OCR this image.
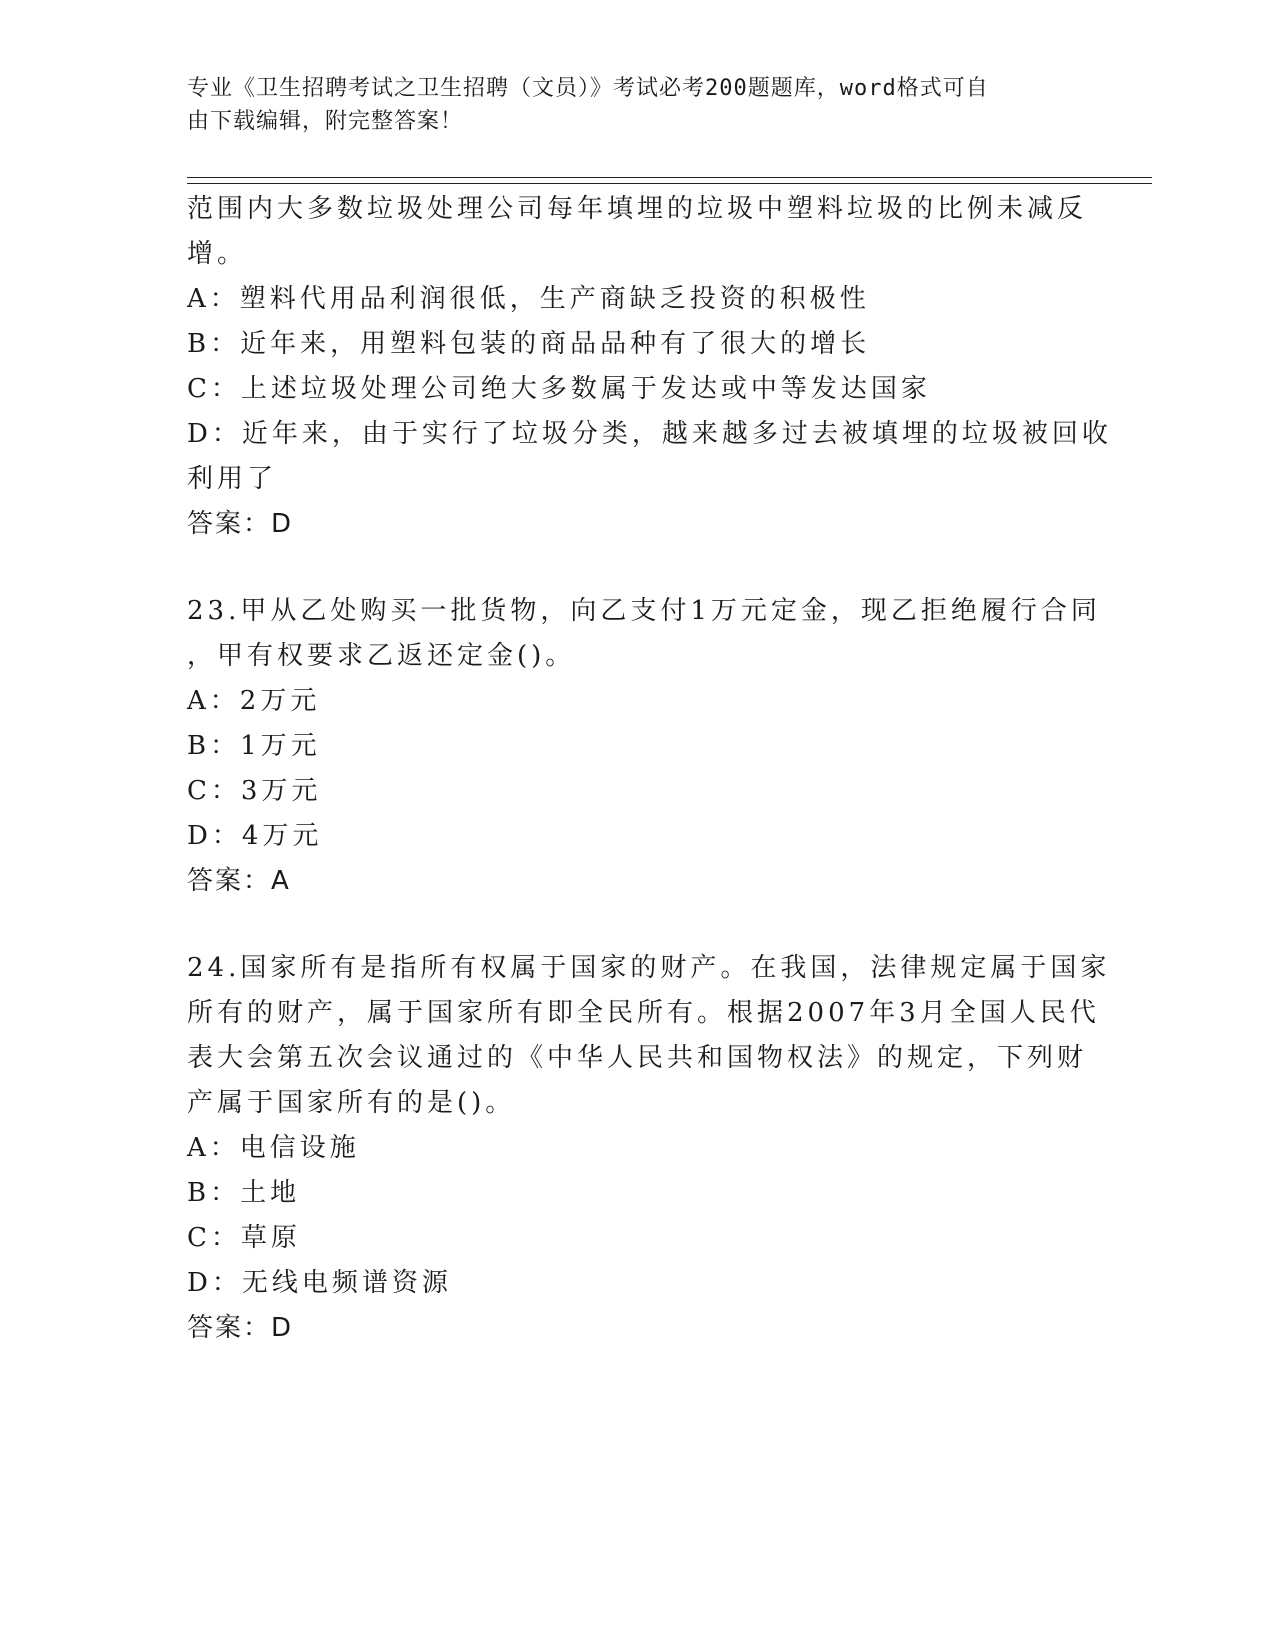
专业《卫生招聘考试之卫生招聘（文员）》考试必考200题题库，word格式可自
由下载编辑，附完整答案！
范围内大多数垃圾处理公司每年填埋的垃圾中塑料垃圾的比例未减反
增。
A：塑料代用品利润很低，生产商缺乏投资的积极性
B：近年来，用塑料包装的商品品种有了很大的增长
C：上述垃圾处理公司绝大多数属于发达或中等发达国家
D：近年来，由于实行了垃圾分类，越来越多过去被填埋的垃圾被回收
利用了
答案：D
23.甲从乙处购买一批货物，向乙支付1万元定金，现乙拒绝履行合同
，甲有权要求乙返还定金()。
A：2万元
B：1万元
C：3万元
D：4万元
答案：A
24.国家所有是指所有权属于国家的财产。在我国，法律规定属于国家
所有的财产，属于国家所有即全民所有。根据2007年3月全国人民代
表大会第五次会议通过的《中华人民共和国物权法》的规定，下列财
产属于国家所有的是()。
A：电信设施
B：土地
C：草原
D：无线电频谱资源
答案：D
